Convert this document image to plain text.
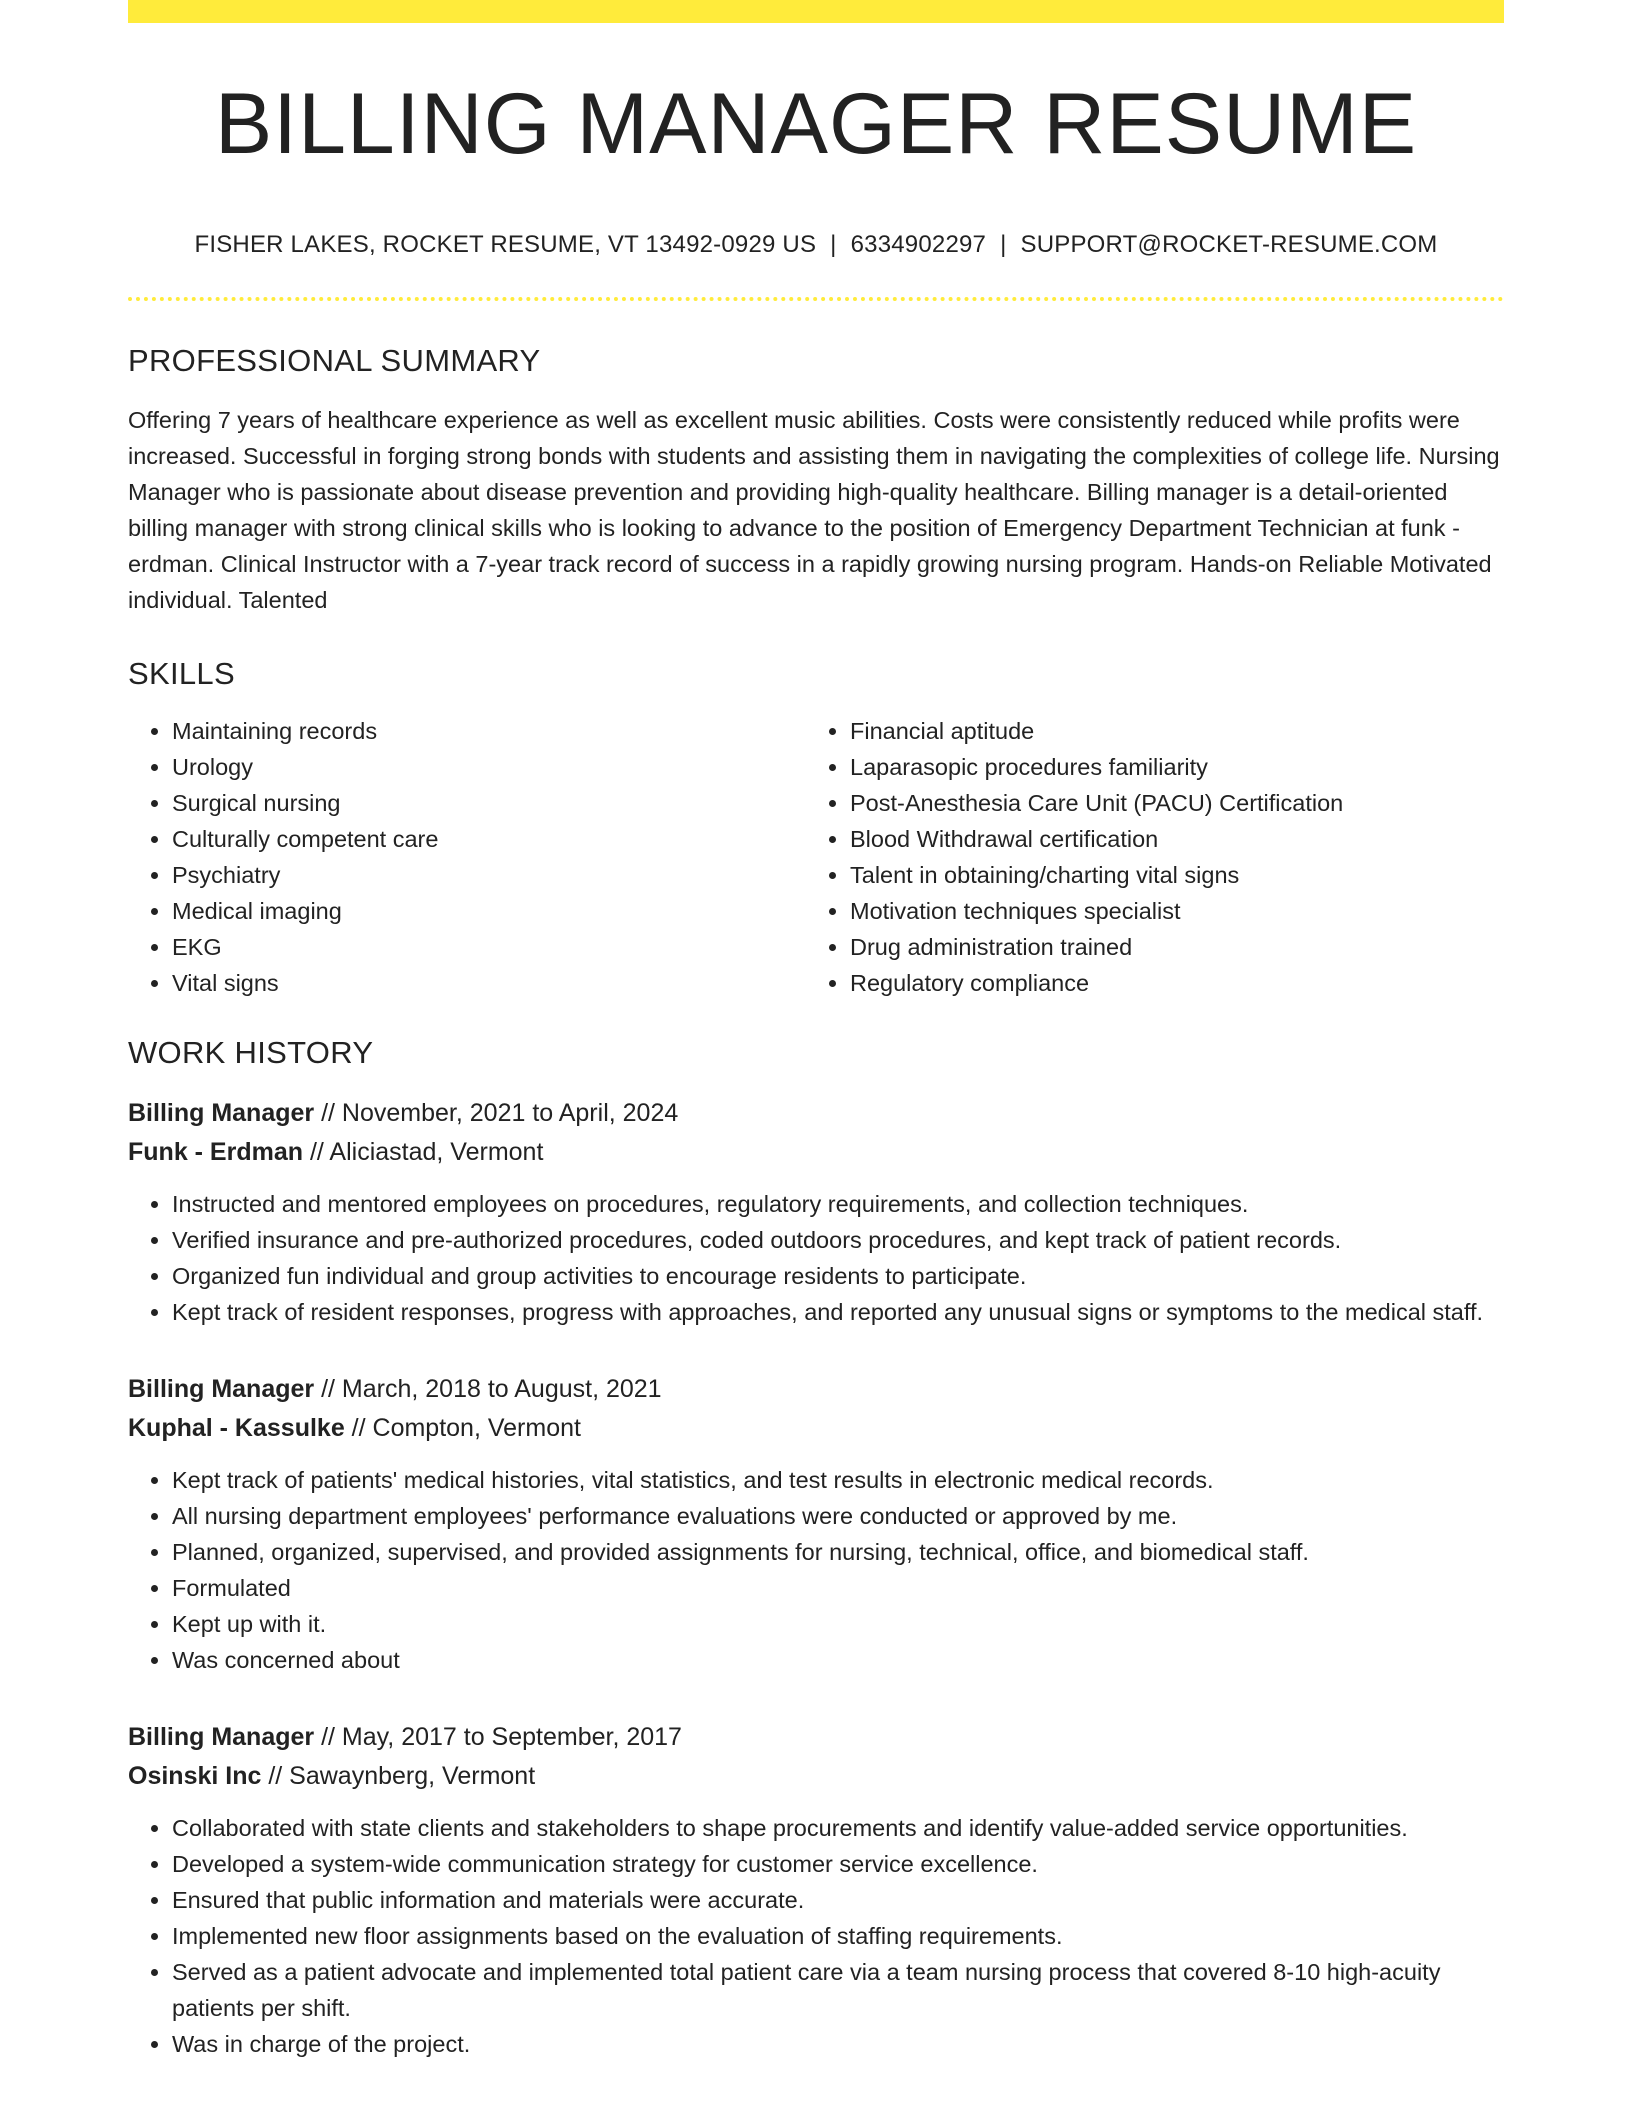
BILLING MANAGER RESUME
FISHER LAKES, ROCKET RESUME, VT 13492-0929 US | 6334902297 | SUPPORT@ROCKET-RESUME.COM
PROFESSIONAL SUMMARY

Offering 7 years of healthcare experience as well as excellent music abilities. Costs were consistently reduced while profits were increased. Successful in forging strong bonds with students and assisting them in navigating the complexities of college life. Nursing Manager who is passionate about disease prevention and providing high-quality healthcare. Billing manager is a detail-oriented billing manager with strong clinical skills who is looking to advance to the position of Emergency Department Technician at funk - erdman. Clinical Instructor with a 7-year track record of success in a rapidly growing nursing program. Hands-on Reliable Motivated individual. Talented

SKILLS
• Maintaining records
• Urology
• Surgical nursing
• Culturally competent care
• Psychiatry
• Medical imaging
• EKG
• Vital signs
• Financial aptitude
• Laparasopic procedures familiarity
• Post-Anesthesia Care Unit (PACU) Certification
• Blood Withdrawal certification
• Talent in obtaining/charting vital signs
• Motivation techniques specialist
• Drug administration trained
• Regulatory compliance
WORK HISTORY
Billing Manager // November, 2021 to April, 2024
Funk - Erdman // Aliciastad, Vermont
• Instructed and mentored employees on procedures, regulatory requirements, and collection techniques.
• Verified insurance and pre-authorized procedures, coded outdoors procedures, and kept track of patient records.
• Organized fun individual and group activities to encourage residents to participate.
• Kept track of resident responses, progress with approaches, and reported any unusual signs or symptoms to the medical staff.
Billing Manager // March, 2018 to August, 2021
Kuphal - Kassulke // Compton, Vermont
• Kept track of patients' medical histories, vital statistics, and test results in electronic medical records.
• All nursing department employees' performance evaluations were conducted or approved by me.
• Planned, organized, supervised, and provided assignments for nursing, technical, office, and biomedical staff.
• Formulated
• Kept up with it.
• Was concerned about
Billing Manager // May, 2017 to September, 2017
Osinski Inc // Sawaynberg, Vermont
• Collaborated with state clients and stakeholders to shape procurements and identify value-added service opportunities.
• Developed a system-wide communication strategy for customer service excellence.
• Ensured that public information and materials were accurate.
• Implemented new floor assignments based on the evaluation of staffing requirements.
• Served as a patient advocate and implemented total patient care via a team nursing process that covered 8-10 high-acuity patients per shift.
• Was in charge of the project.
